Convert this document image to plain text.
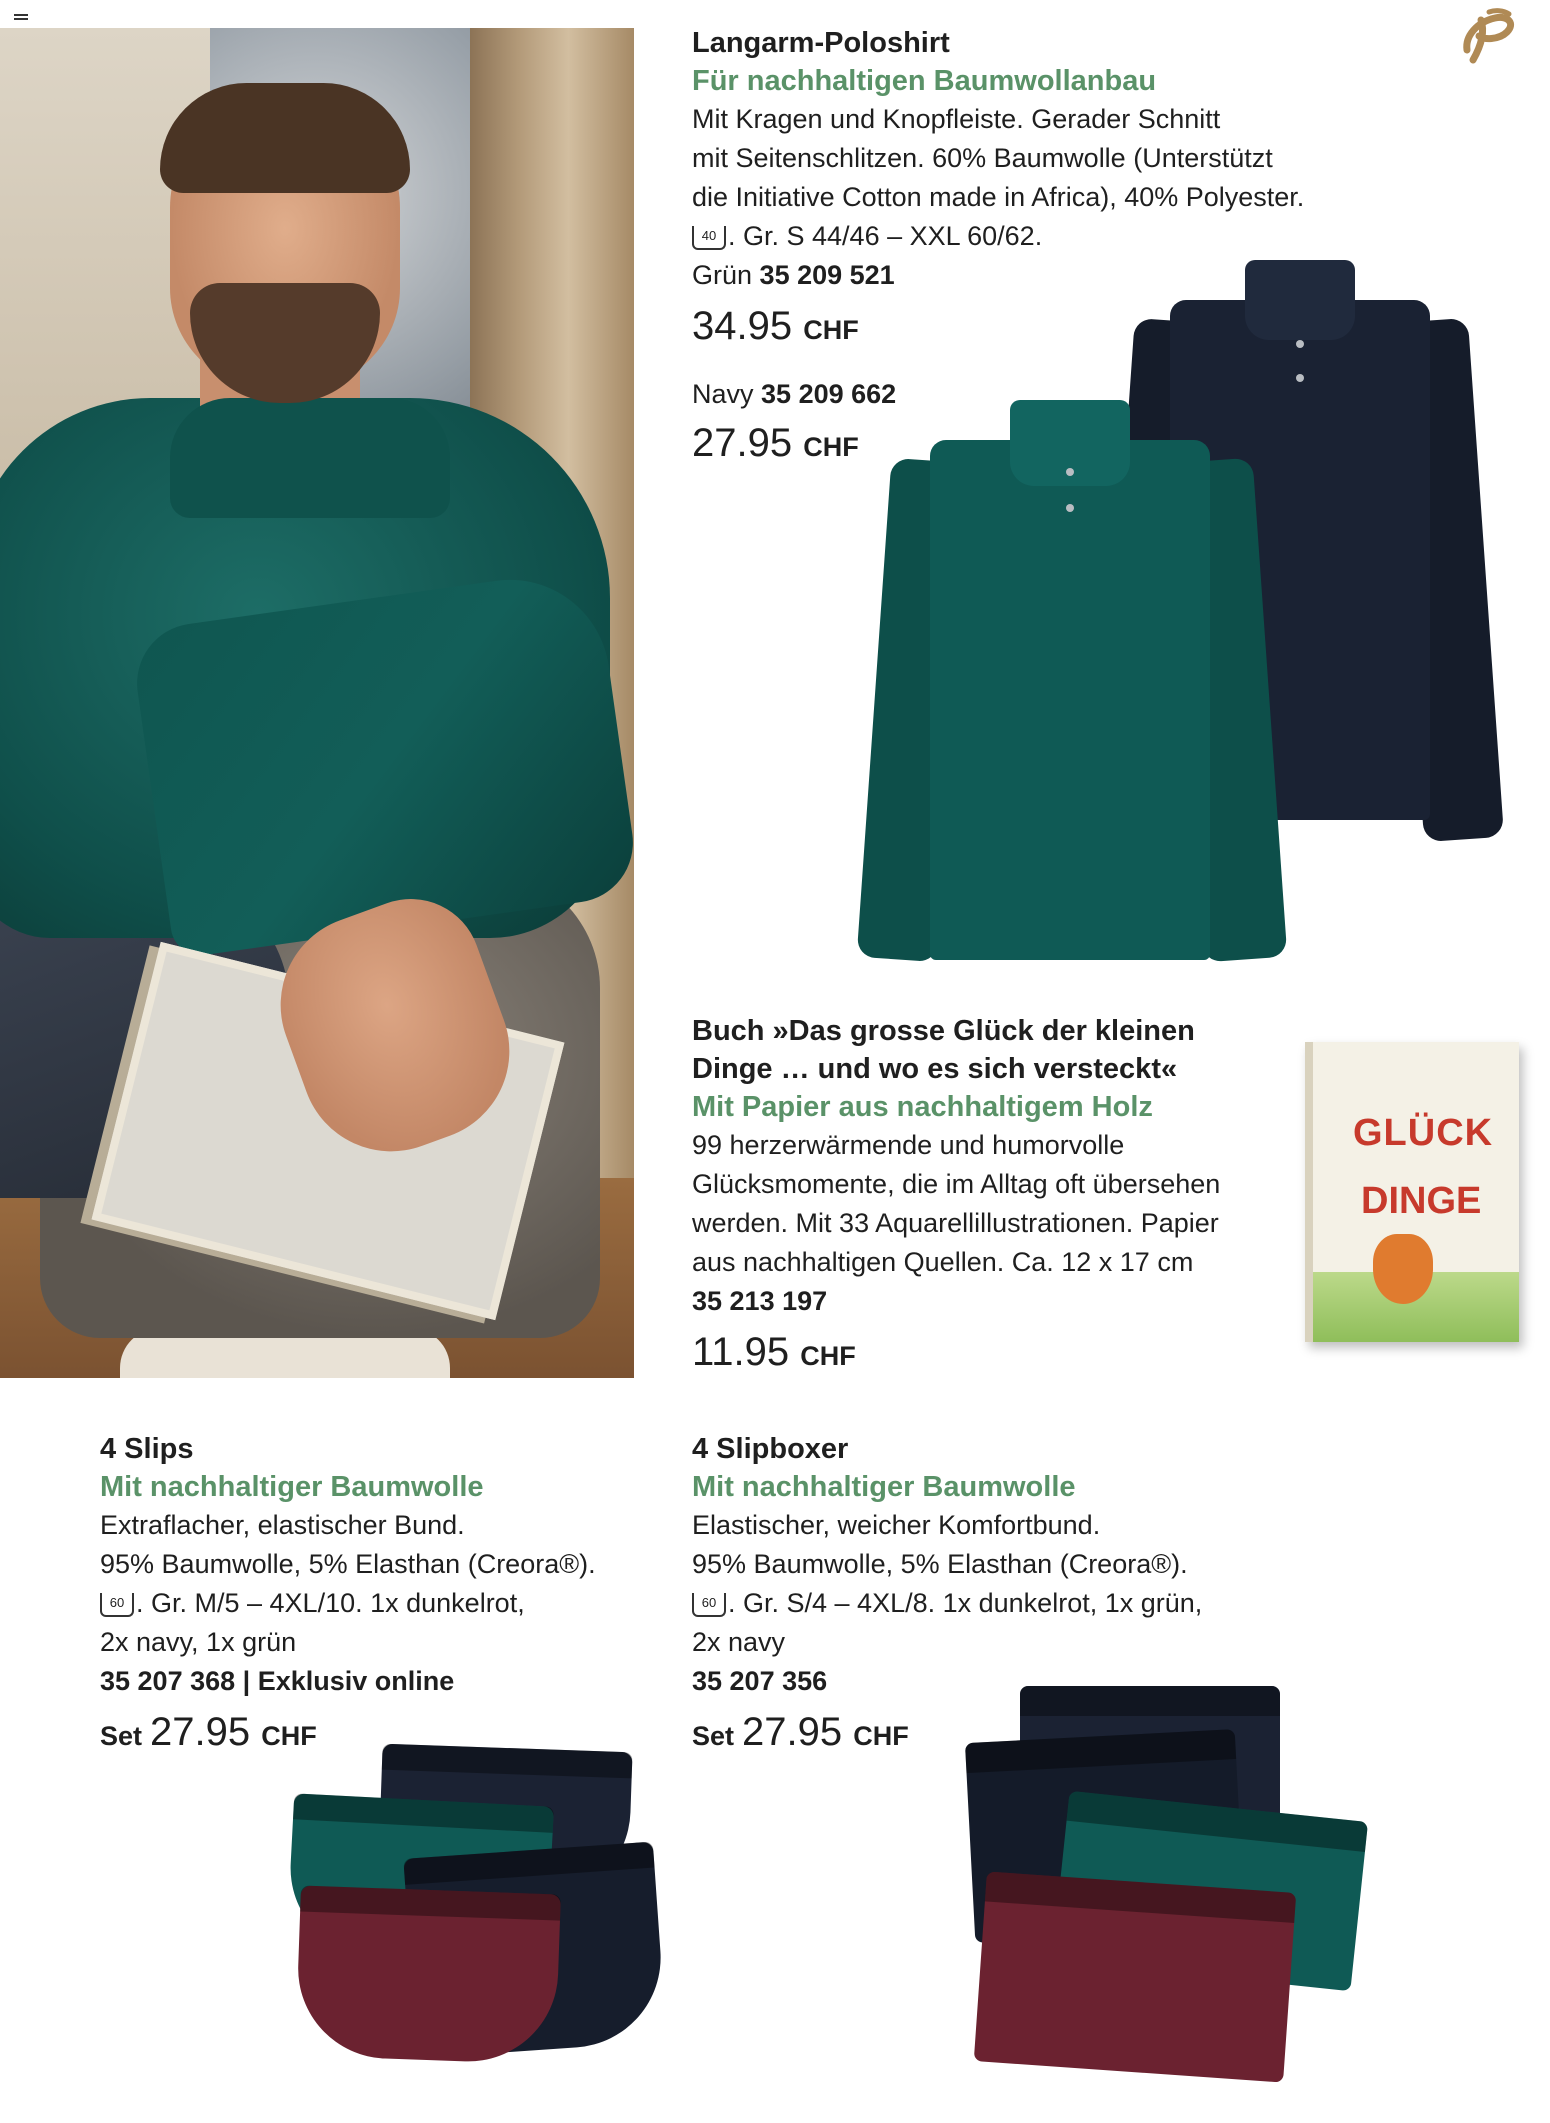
Langarm-Poloshirt

Für nachhaltigen Baumwollanbau

Mit Kragen und Knopfleiste. Gerader Schnitt

mit Seitenschlitzen. 60% Baumwolle (Unterstützt

die Initiative Cotton made in Africa), 40% Polyester.

40 . Gr. S 44/46 – XXL 60/62.

Grün 35 209 521

34.95 CHF

Navy 35 209 662

27.95 CHF

Buch »Das grosse Glück der kleinen

Dinge … und wo es sich versteckt«

Mit Papier aus nachhaltigem Holz

99 herzerwärmende und humorvolle

Glücksmomente, die im Alltag oft übersehen

werden. Mit 33 Aquarellillustrationen. Papier

aus nachhaltigen Quellen. Ca. 12 x 17 cm

35 213 197

11.95 CHF

GLÜCK
DINGE

4 Slips

Mit nachhaltiger Baumwolle

Extraflacher, elastischer Bund.

95% Baumwolle, 5% Elasthan (Creora®).

60 . Gr. M/5 – 4XL/10. 1x dunkelrot,

2x navy, 1x grün

35 207 368 | Exklusiv online

Set 27.95 CHF

4 Slipboxer

Mit nachhaltiger Baumwolle

Elastischer, weicher Komfortbund.

95% Baumwolle, 5% Elasthan (Creora®).

60 . Gr. S/4 – 4XL/8. 1x dunkelrot, 1x grün,

2x navy

35 207 356

Set 27.95 CHF
